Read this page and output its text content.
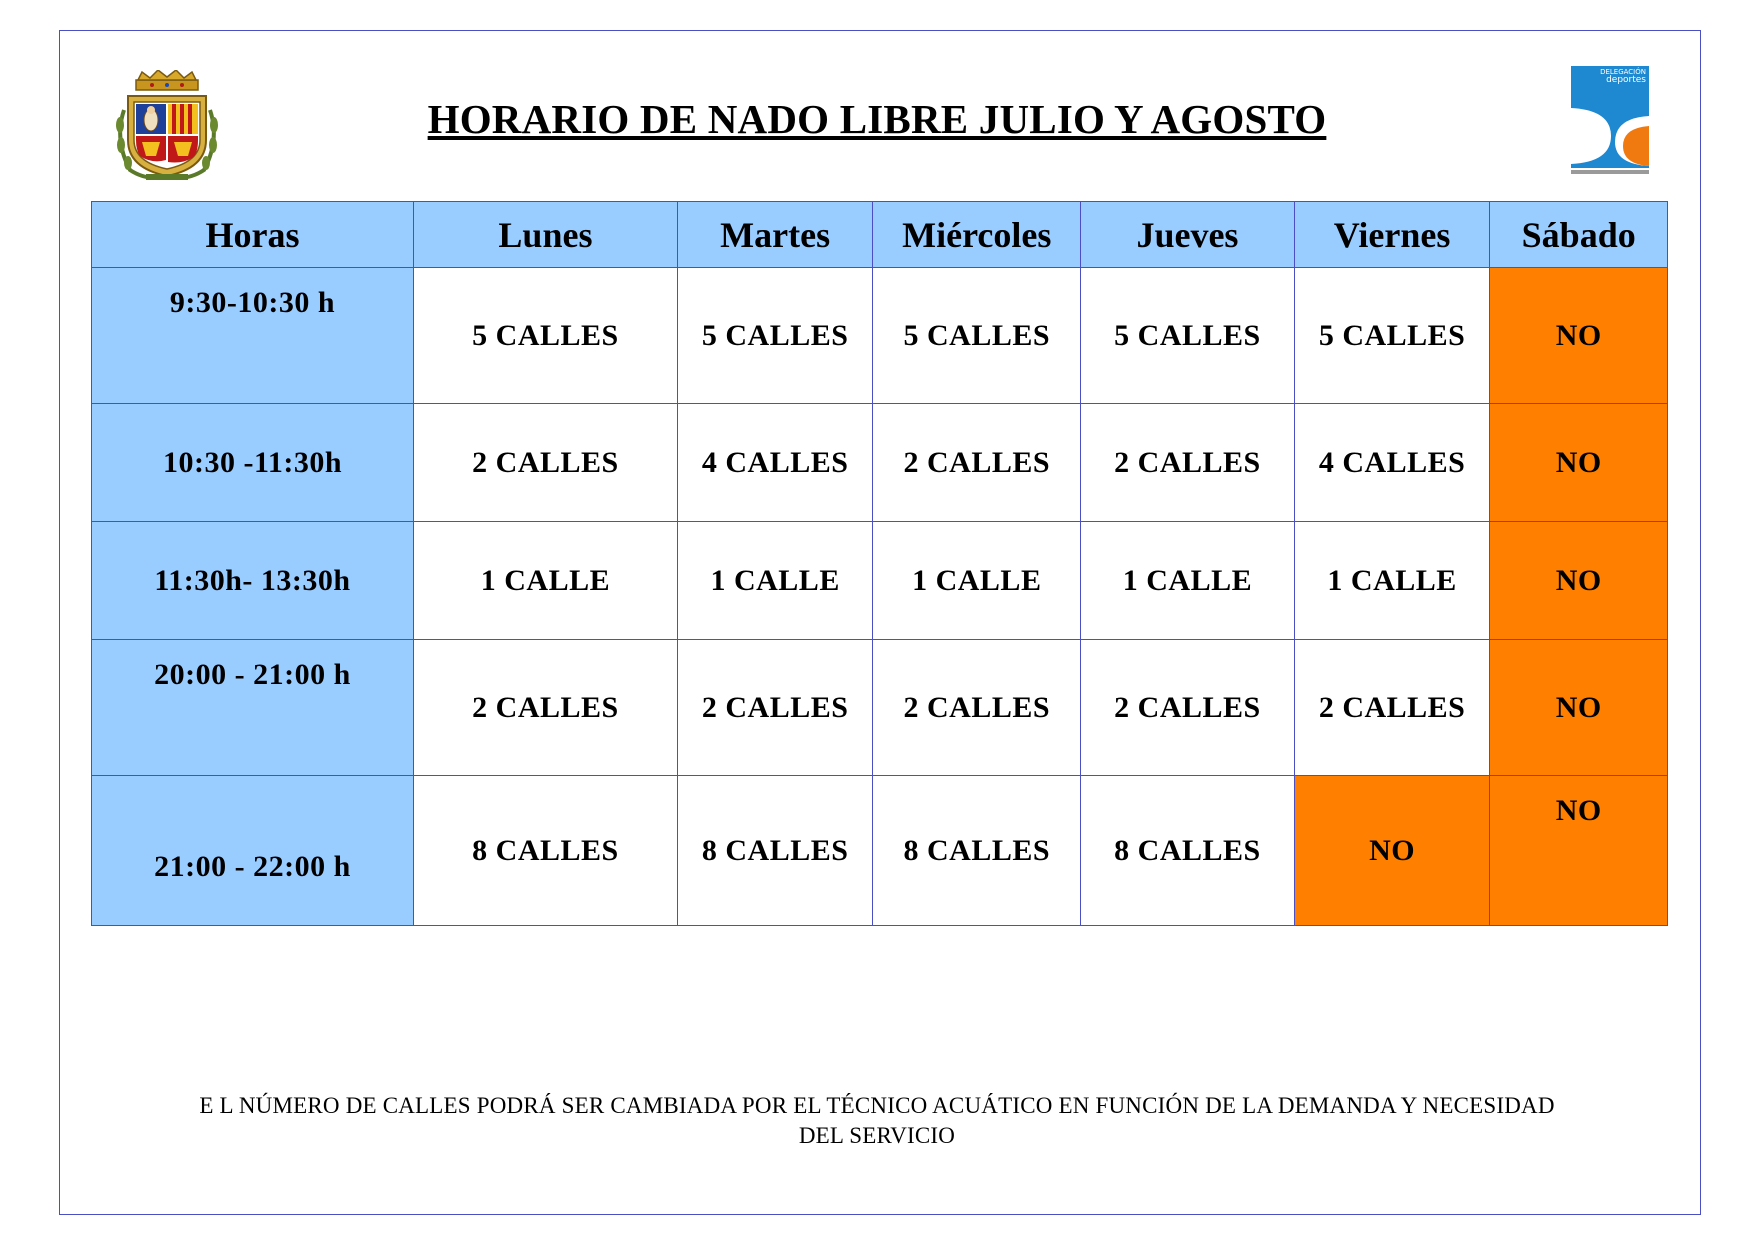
DELEGACIÓN
deportes
HORARIO DE NADO LIBRE JULIO Y AGOSTO
Horas	Lunes	Martes	Miércoles	Jueves	Viernes	Sábado
9:30-10:30 h	5 CALLES	5 CALLES	5 CALLES	5 CALLES	5 CALLES	NO
10:30 -11:30h	2 CALLES	4 CALLES	2 CALLES	2 CALLES	4 CALLES	NO
11:30h- 13:30h	1 CALLE	1 CALLE	1 CALLE	1 CALLE	1 CALLE	NO
20:00 - 21:00 h	2 CALLES	2 CALLES	2 CALLES	2 CALLES	2 CALLES	NO
21:00 - 22:00 h	8 CALLES	8 CALLES	8 CALLES	8 CALLES	NO	NO
E L NÚMERO DE CALLES PODRÁ SER CAMBIADA POR EL TÉCNICO ACUÁTICO EN FUNCIÓN DE LA DEMANDA Y NECESIDAD
DEL SERVICIO
